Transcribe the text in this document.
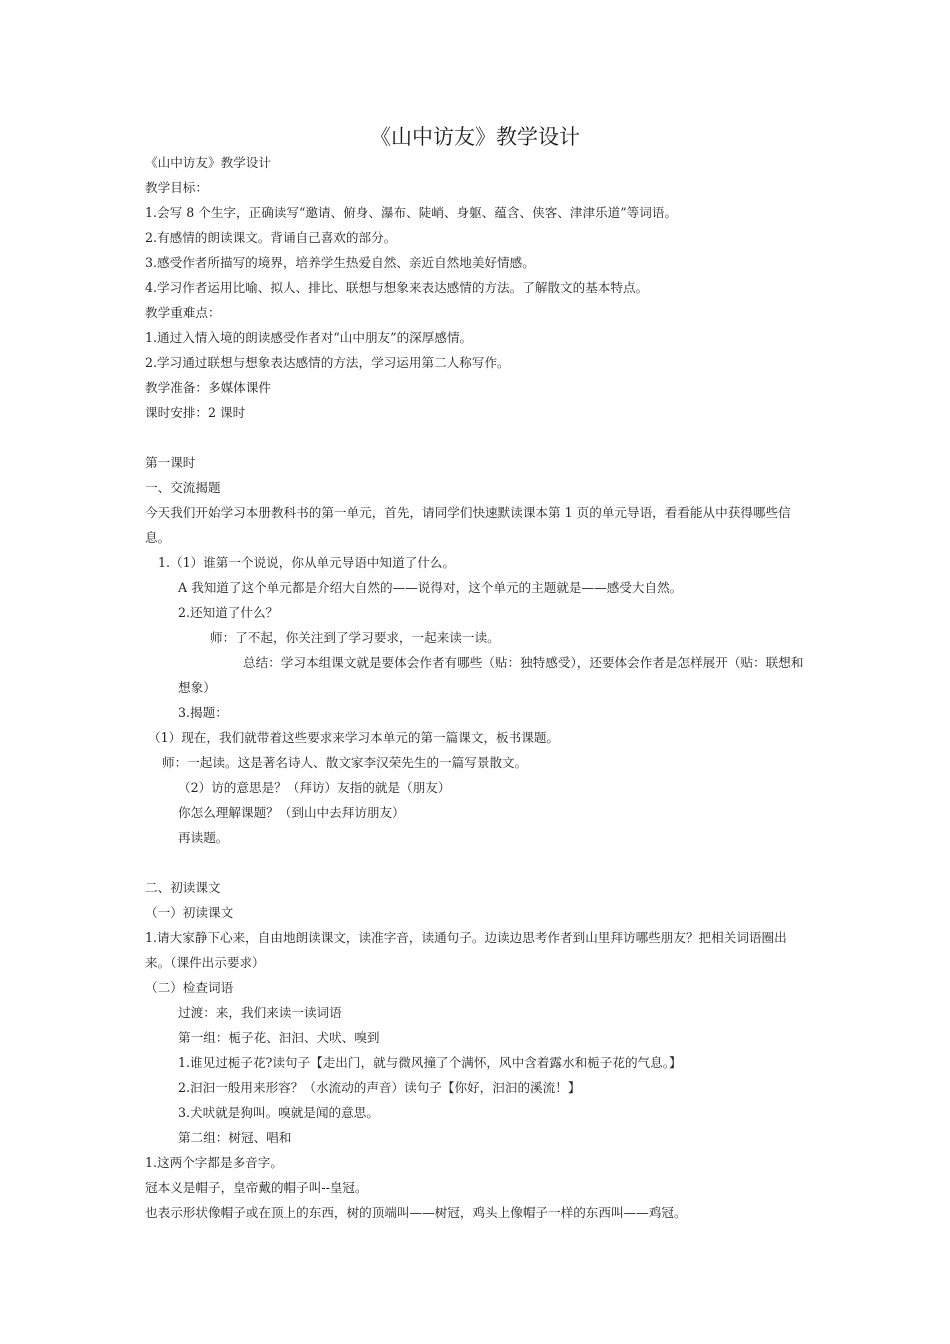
《山中访友》教学设计
《山中访友》教学设计
教学目标：
1.会写 8 个生字，正确读写“邀请、俯身、瀑布、陡峭、身躯、蕴含、侠客、津津乐道”等词语。
2.有感情的朗读课文。背诵自己喜欢的部分。
3.感受作者所描写的境界，培养学生热爱自然、亲近自然地美好情感。
4.学习作者运用比喻、拟人、排比、联想与想象来表达感情的方法。了解散文的基本特点。
教学重难点：
1.通过入情入境的朗读感受作者对“山中朋友”的深厚感情。
2.学习通过联想与想象表达感情的方法，学习运用第二人称写作。
教学准备：多媒体课件
课时安排：2 课时
第一课时
一、交流揭题
今天我们开始学习本册教科书的第一单元，首先，请同学们快速默读课本第 1 页的单元导语，看看能从中获得哪些信息。
1.（1）谁第一个说说，你从单元导语中知道了什么。
A 我知道了这个单元都是介绍大自然的——说得对，这个单元的主题就是——感受大自然。
2.还知道了什么？
师：了不起，你关注到了学习要求，一起来读一读。
总结：学习本组课文就是要体会作者有哪些（贴：独特感受），还要体会作者是怎样展开（贴：联想和想象）
3.揭题：
（1）现在，我们就带着这些要求来学习本单元的第一篇课文，板书课题。
师：一起读。这是著名诗人、散文家李汉荣先生的一篇写景散文。
（2）访的意思是？（拜访）友指的就是（朋友）
你怎么理解课题？（到山中去拜访朋友）
再读题。
二、初读课文
（一）初读课文
1.请大家静下心来，自由地朗读课文，读准字音，读通句子。边读边思考作者到山里拜访哪些朋友？把相关词语圈出来。（课件出示要求）
（二）检查词语
过渡：来，我们来读一读词语
第一组：栀子花、汩汩、犬吠、嗅到
1.谁见过栀子花?读句子【走出门，就与微风撞了个满怀，风中含着露水和栀子花的气息。】
2.汩汩一般用来形容？（水流动的声音）读句子【你好，汩汩的溪流！】
3.犬吠就是狗叫。嗅就是闻的意思。
第二组：树冠、唱和
1.这两个字都是多音字。
冠本义是帽子，皇帝戴的帽子叫--皇冠。
也表示形状像帽子或在顶上的东西，树的顶端叫——树冠，鸡头上像帽子一样的东西叫——鸡冠。
